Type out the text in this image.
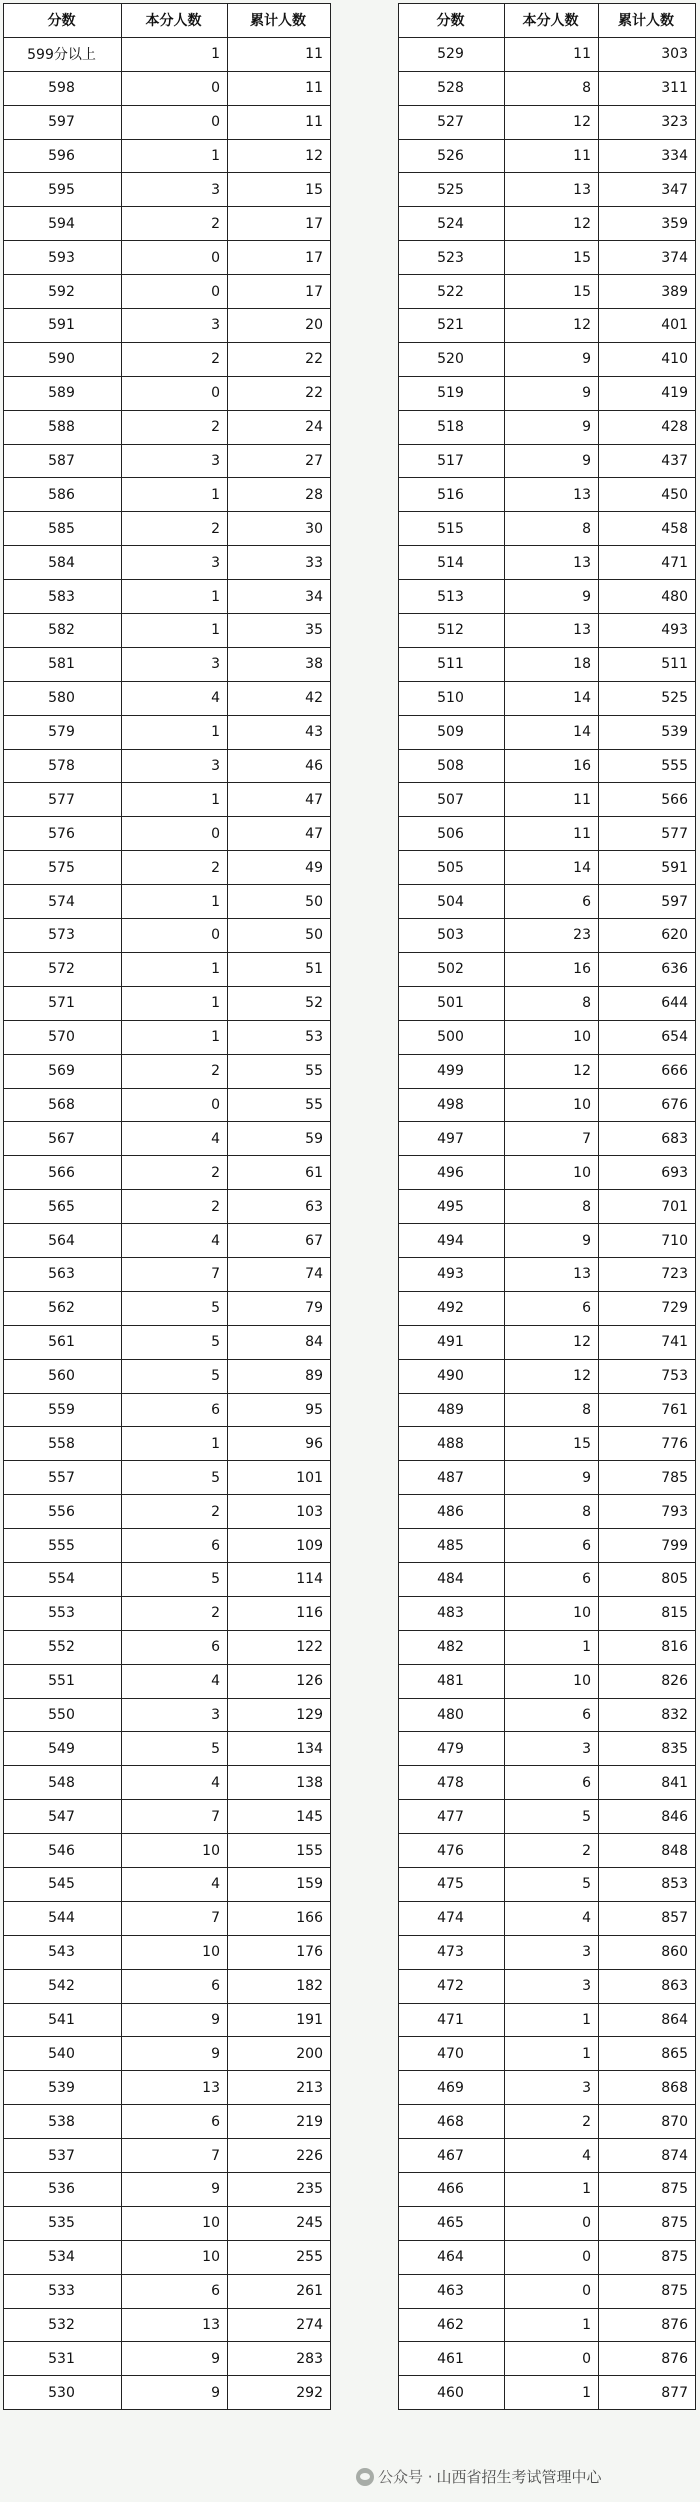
分数	本分人数	累计人数
599分以上	1	11
598	0	11
597	0	11
596	1	12
595	3	15
594	2	17
593	0	17
592	0	17
591	3	20
590	2	22
589	0	22
588	2	24
587	3	27
586	1	28
585	2	30
584	3	33
583	1	34
582	1	35
581	3	38
580	4	42
579	1	43
578	3	46
577	1	47
576	0	47
575	2	49
574	1	50
573	0	50
572	1	51
571	1	52
570	1	53
569	2	55
568	0	55
567	4	59
566	2	61
565	2	63
564	4	67
563	7	74
562	5	79
561	5	84
560	5	89
559	6	95
558	1	96
557	5	101
556	2	103
555	6	109
554	5	114
553	2	116
552	6	122
551	4	126
550	3	129
549	5	134
548	4	138
547	7	145
546	10	155
545	4	159
544	7	166
543	10	176
542	6	182
541	9	191
540	9	200
539	13	213
538	6	219
537	7	226
536	9	235
535	10	245
534	10	255
533	6	261
532	13	274
531	9	283
530	9	292
分数	本分人数	累计人数
529	11	303
528	8	311
527	12	323
526	11	334
525	13	347
524	12	359
523	15	374
522	15	389
521	12	401
520	9	410
519	9	419
518	9	428
517	9	437
516	13	450
515	8	458
514	13	471
513	9	480
512	13	493
511	18	511
510	14	525
509	14	539
508	16	555
507	11	566
506	11	577
505	14	591
504	6	597
503	23	620
502	16	636
501	8	644
500	10	654
499	12	666
498	10	676
497	7	683
496	10	693
495	8	701
494	9	710
493	13	723
492	6	729
491	12	741
490	12	753
489	8	761
488	15	776
487	9	785
486	8	793
485	6	799
484	6	805
483	10	815
482	1	816
481	10	826
480	6	832
479	3	835
478	6	841
477	5	846
476	2	848
475	5	853
474	4	857
473	3	860
472	3	863
471	1	864
470	1	865
469	3	868
468	2	870
467	4	874
466	1	875
465	0	875
464	0	875
463	0	875
462	1	876
461	0	876
460	1	877
公众号 · 山西省招生考试管理中心
